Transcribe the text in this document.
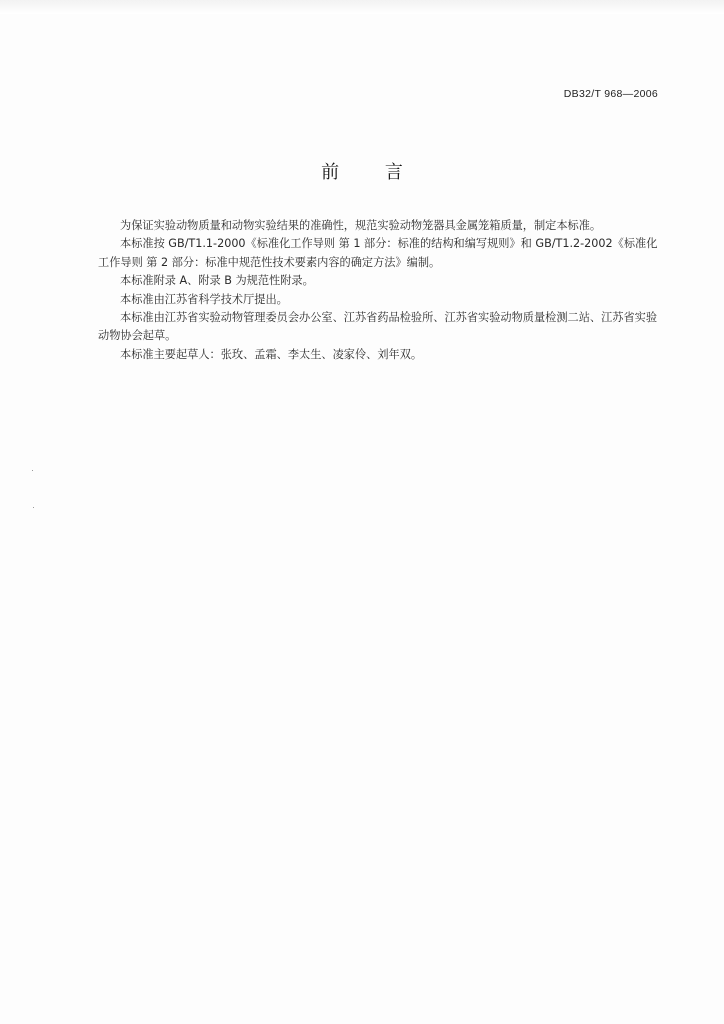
DB32/T 968—2006
前        言

为保证实验动物质量和动物实验结果的准确性，规范实验动物笼器具金属笼箱质量，制定本标准。

本标准按 GB/T1.1-2000《标准化工作导则 第 1 部分：标准的结构和编写规则》和 GB/T1.2-2002《标准化工作导则 第 2 部分：标准中规范性技术要素内容的确定方法》编制。

本标准附录 A、附录 B 为规范性附录。

本标准由江苏省科学技术厅提出。

本标准由江苏省实验动物管理委员会办公室、江苏省药品检验所、江苏省实验动物质量检测二站、江苏省实验动物协会起草。

本标准主要起草人：张玫、孟霜、李太生、凌家伶、刘年双。
